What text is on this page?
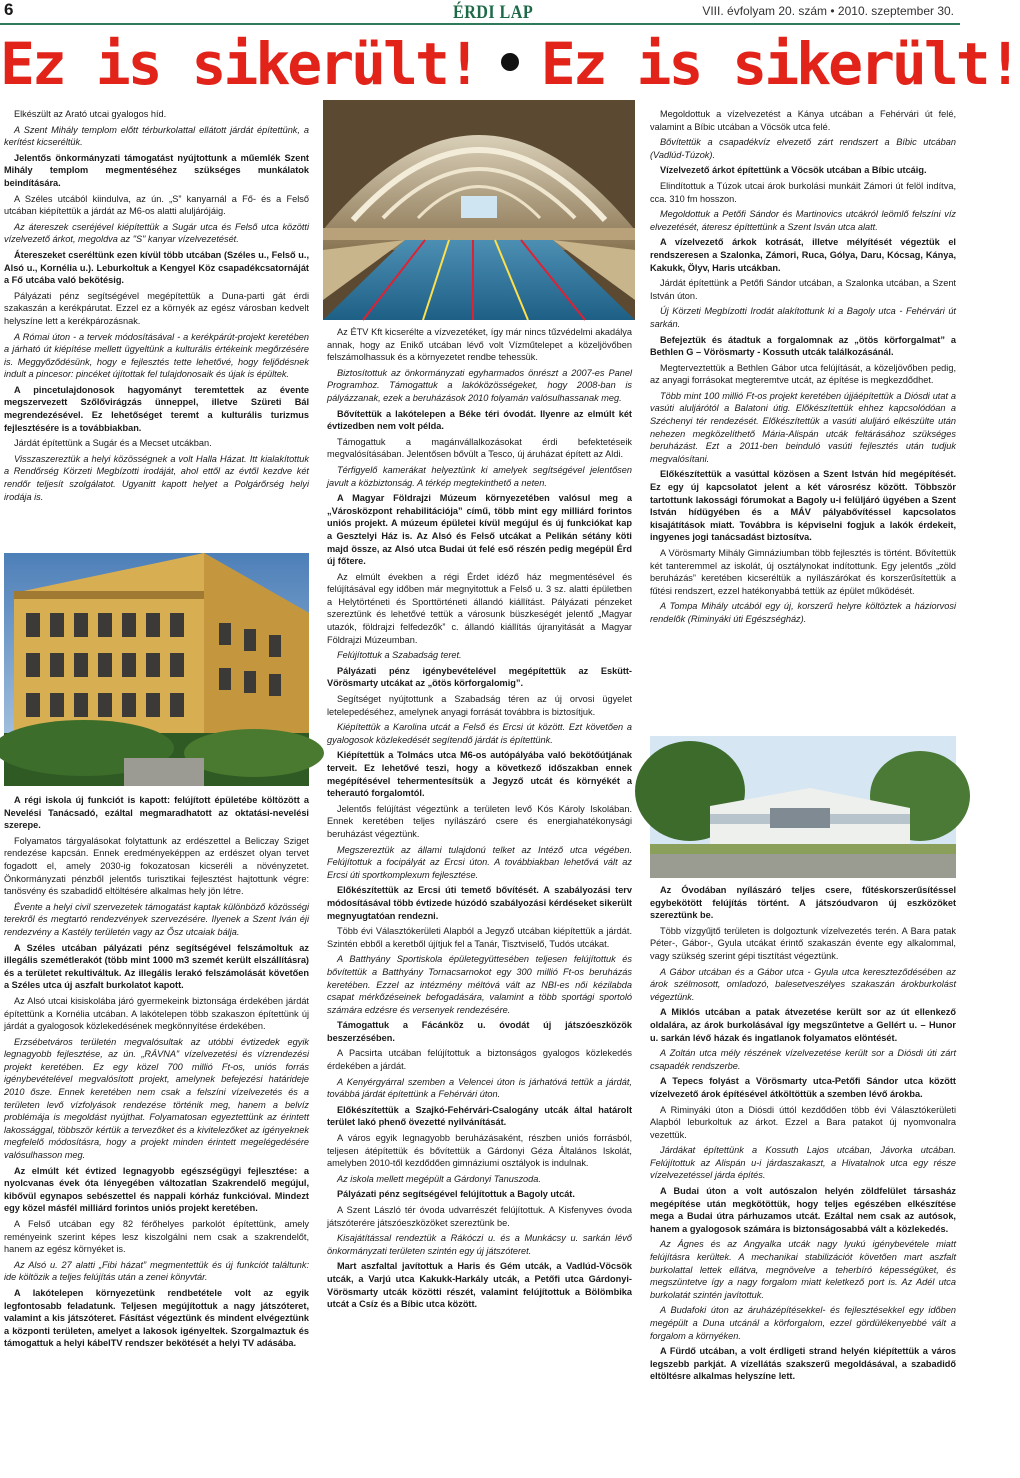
6	ÉRDI LAP	VIII. évfolyam 20. szám • 2010. szeptember 30.
Ez is sikerült! Ez is sikerült!

Elkészült az Arató utcai gyalogos híd.

A Szent Mihály templom előtt térburkolattal ellátott járdát építettünk, a kerítést kicseréltük.

Jelentős önkormányzati támogatást nyújtottunk a műemlék Szent Mihály templom megmentéséhez szükséges munkálatok beindítására.

A Széles utcából kiindulva, az ún. „S” kanyarnál a Fő- és a Felső utcában kiépítettük a járdát az M6-os alatti aluljárójáig.

Az átereszek cseréjével kiépítettük a Sugár utca és Felső utca közötti vízelvezető árkot, megoldva az "S" kanyar vízelvezetését.

Átereszeket cseréltünk ezen kívül több utcában (Széles u., Felső u., Alsó u., Kornélia u.). Leburkoltuk a Kengyel Köz csapadékcsatornáját a Fő utcába való bekötésig.

Pályázati pénz segítségével megépítettük a Duna-parti gát érdi szakaszán a kerékpárutat. Ezzel ez a környék az egész városban kedvelt helyszíne lett a kerékpározásnak.

A Római úton - a tervek módosításával - a kerékpárút-projekt keretében a járható út kiépítése mellett ügyeltünk a kulturális értékeink megőrzésére is. Meggyőződésünk, hogy e fejlesztés tette lehetővé, hogy feljődésnek indult a pincesor: pincéket újítottak fel tulajdonosaik és újak is épültek.

A pincetulajdonosok hagyományt teremtettek az évente megszervezett Szőlővirágzás ünneppel, illetve Szüreti Bál megrendezésével. Ez lehetőséget teremt a kulturális turizmus fejlesztésére is a továbbiakban.

Járdát építettünk a Sugár és a Mecset utcákban.

Visszaszereztük a helyi közösségnek a volt Halla Házat. Itt kialakítottuk a Rendőrség Körzeti Megbízotti irodáját, ahol ettől az évtől kezdve két rendőr teljesít szolgálatot. Ugyanitt kapott helyet a Polgárőrség helyi irodája is.

A régi iskola új funkciót is kapott: felújított épületébe költözött a Nevelési Tanácsadó, ezáltal megmaradhatott az oktatási-nevelési szerepe.

Folyamatos tárgyalásokat folytattunk az erdészettel a Beliczay Sziget rendezése kapcsán. Ennek eredményeképpen az erdészet olyan tervet fogadott el, amely 2030-ig fokozatosan kicseréli a növényzetet. Önkormányzati pénzből jelentős turisztikai fejlesztést hajtottunk végre: tanösvény és szabadidő eltöltésére alkalmas hely jön létre.

Évente a helyi civil szervezetek támogatást kaptak különböző közösségi terekről és megtartó rendezvények szervezésére. Ilyenek a Szent Iván éji rendezvény a Kastély területén vagy az Ősz utcaiak bálja.

A Széles utcában pályázati pénz segítségével felszámoltuk az illegális szemétlerakót (több mint 1000 m3 szemét került elszállításra) és a területet rekultiváltuk. Az illegális lerakó felszámolását követően a Széles utca új aszfalt burkolatot kapott.

Az Alsó utcai kisiskolába járó gyermekeink biztonsága érdekében járdát építettünk a Kornélia utcában. A lakótelepen több szakaszon építettünk új járdát a gyalogosok közlekedésének megkönnyítése érdekében.

Erzsébetváros területén megvalósultak az utóbbi évtizedek egyik legnagyobb fejlesztése, az ún. „RÁVNA” vízelvezetési és vízrendezési projekt keretében. Ez egy közel 700 millió Ft-os, uniós forrás igénybevételével megvalósított projekt, amelynek befejezési határideje 2010 ősze. Ennek keretében nem csak a felszíni vízelvezetés és a területen levő vízfolyások rendezése történik meg, hanem a belvíz problémája is megoldást nyújthat. Folyamatosan egyeztettünk az érintett lakossággal, többször kértük a tervezőket és a kivitelezőket az igényeknek megfelelő módosításra, hogy a projekt minden érintett megelégedésére valósulhasson meg.

Az elmúlt két évtized legnagyobb egészségügyi fejlesztése: a nyolcvanas évek óta lényegében változatlan Szakrendelő megújul, kibővül egynapos sebészettel és nappali kórház funkcióval. Mindezt egy közel másfél milliárd forintos uniós projekt keretében.

A Felső utcában egy 82 férőhelyes parkolót építettünk, amely reményeink szerint képes lesz kiszolgálni nem csak a szakrendelőt, hanem az egész környéket is.

Az Alsó u. 27 alatti „Fibi házat” megmentettük és új funkciót találtunk: ide költözik a teljes felújítás után a zenei könyvtár.

A lakótelepen környezetünk rendbetétele volt az egyik legfontosabb feladatunk. Teljesen megújítottuk a nagy játszóteret, valamint a kis játszóteret. Fásítást végeztünk és mindent elvégeztünk a központi területen, amelyet a lakosok igényeltek. Szorgalmaztuk és támogattuk a helyi kábelTV rendszer bekötését a helyi TV adásába.

Az ÉTV Kft kicserélte a vízvezetéket, így már nincs tűzvédelmi akadálya annak, hogy az Enikő utcában lévő volt Vízműtelepet a közeljövőben felszámolhassuk és a környezetet rendbe tehessük.

Biztosítottuk az önkormányzati egyharmados önrészt a 2007-es Panel Programhoz. Támogattuk a lakóközösségeket, hogy 2008-ban is pályázzanak, ezek a beruházások 2010 folyamán valósulhassanak meg.

Bővítettük a lakótelepen a Béke téri óvodát. Ilyenre az elmúlt két évtizedben nem volt példa.

Támogattuk a magánvállalkozásokat érdi befektetéseik megvalósításában. Jelentősen bővült a Tesco, új áruházat épített az Aldi.

Térfigyelő kamerákat helyeztünk ki amelyek segítségével jelentősen javult a közbiztonság. A térkép megtekinthető a neten.

A Magyar Földrajzi Múzeum környezetében valósul meg a „Városközpont rehabilitációja” című, több mint egy milliárd forintos uniós projekt. A múzeum épületei kívül megújul és új funkciókat kap a Gesztelyi Ház is. Az Alsó és Felső utcákat a Pelikán sétány köti majd össze, az Alsó utca Budai út felé eső részén pedig megépül Érd új főtere.

Az elmúlt években a régi Érdet idéző ház megmentésével és felújításával egy időben már megnyitottuk a Felső u. 3 sz. alatti épületben a Helytörténeti és Sporttörténeti állandó kiállítást. Pályázati pénzeket szereztünk és lehetővé tettük a városunk büszkeségét jelentő „Magyar utazók, földrajzi felfedezők” c. állandó kiállítás újranyitását a Magyar Földrajzi Múzeumban.

Felújítottuk a Szabadság teret.

Pályázati pénz igénybevételével megépítettük az Eskütt-Vörösmarty utcákat az „ötös körforgalomig”.

Segítséget nyújtottunk a Szabadság téren az új orvosi ügyelet letelepedéséhez, amelynek anyagi forrását továbbra is biztosítjuk.

Kiépítettük a Karolina utcát a Felső és Ercsi út között. Ezt követően a gyalogosok közlekedését segítendő járdát is építettünk.

Kiépítettük a Tolmács utca M6-os autópályába való bekötőútjának terveit. Ez lehetővé teszi, hogy a következő időszakban ennek megépítésével tehermentesítsük a Jegyző utcát és környékét a teherautó forgalomtól.

Jelentős felújítást végeztünk a területen levő Kós Károly Iskolában. Ennek keretében teljes nyílászáró csere és energiahatékonysági beruházást végeztünk.

Megszereztük az állami tulajdonú telket az Intéző utca végében. Felújítottuk a focipályát az Ercsi úton. A továbbiakban lehetővá vált az Ercsi úti sportkomplexum fejlesztése.

Előkészítettük az Ercsi úti temető bővítését. A szabályozási terv módosításával több évtizede húzódó szabályozási kérdéseket sikerült megnyugtatóan rendezni.

Több évi Választókerületi Alapból a Jegyző utcában kiépítettük a járdát. Szintén ebből a keretből újítjuk fel a Tanár, Tisztviselő, Tudós utcákat.

A Batthyány Sportiskola épületegyüttesében teljesen felújítottuk és bővítettük a Batthyány Tornacsarnokot egy 300 millió Ft-os beruházás keretében. Ezzel az intézmény méltóvá vált az NBI-es női kézilabda csapat mérkőzéseinek befogadására, valamint a több sportági sportoló számára edzésre és versenyek rendezésére.

Támogattuk a Fácánköz u. óvodát új játszóeszközök beszerzésében.

A Pacsirta utcában felújítottuk a biztonságos gyalogos közlekedés érdekében a járdát.

A Kenyérgyárral szemben a Velencei úton is járhatóvá tettük a járdát, továbbá járdát építettünk a Fehérvári úton.

Előkészítettük a Szajkó-Fehérvári-Csalogány utcák által határolt terület lakó phenő övezetté nyilvánítását.

A város egyik legnagyobb beruházásaként, részben uniós forrásból, teljesen átépítettük és bővítettük a Gárdonyi Géza Általános Iskolát, amelyben 2010-től kezdődően gimnáziumi osztályok is indulnak.

Az iskola mellett megépült a Gárdonyi Tanuszoda.

Pályázati pénz segítségével felújítottuk a Bagoly utcát.

A Szent László tér óvoda udvarrészét felújítottuk. A Kisfenyves óvoda játszóterére játszóeszközöket szereztünk be.

Kisajátítással rendeztük a Rákóczi u. és a Munkácsy u. sarkán lévő önkormányzati területen szintén egy új játszóteret.

Mart aszfaltal javítottuk a Haris és Gém utcák, a Vadlúd-Vöcsök utcák, a Varjú utca Kakukk-Harkály utcák, a Petőfi utca Gárdonyi-Vörösmarty utcák közötti részét, valamint felújítottuk a Bölömbika utcát a Csíz és a Bíbic utca között.

Megoldottuk a vízelvezetést a Kánya utcában a Fehérvári út felé, valamint a Bíbic utcában a Vöcsök utca felé.

Bővítettük a csapadékvíz elvezető zárt rendszert a Bíbic utcában (Vadlúd-Túzok).

Vízelvezető árkot építettünk a Vöcsök utcában a Bíbic utcáig.

Elindítottuk a Túzok utcai árok burkolási munkáit Zámori út felöl indítva, cca. 310 fm hosszon.

Megoldottuk a Petőfi Sándor és Martinovics utcákról leömlő felszíni víz elvezetését, áteresz építtettünk a Szent Isván utca alatt.

A vízelvezető árkok kotrását, illetve mélyítését végeztük el rendszeresen a Szalonka, Zámori, Ruca, Gólya, Daru, Kócsag, Kánya, Kakukk, Ölyv, Haris utcákban.

Járdát építettünk a Petőfi Sándor utcában, a Szalonka utcában, a Szent István úton.

Új Körzeti Megbízotti Irodát alakítottunk ki a Bagoly utca - Fehérvári út sarkán.

Befejeztük és átadtuk a forgalomnak az „ötös körforgalmat” a Bethlen G – Vörösmarty - Kossuth utcák találkozásánál.

Megterveztettük a Bethlen Gábor utca felújítását, a közeljövőben pedig, az anyagi forrásokat megteremtve utcát, az építése is megkezdődhet.

Több mint 100 millió Ft-os projekt keretében újjáépítettük a Diósdi utat a vasúti aluljárótól a Balatoni útig. Előkészítettük ehhez kapcsolódóan a Széchenyi tér rendezését. Előkészítettük a vasúti aluljáró elkészülte után nehezen megközelíthető Mária-Alispán utcák feltárásához szükséges beruházást. Ezt a 2011-ben beinduló vasúti fejlesztés után tudjuk megvalósítani.

Előkészítettük a vasúttal közösen a Szent István híd megépítését. Ez egy új kapcsolatot jelent a két városrész között. Többször tartottunk lakossági fórumokat a Bagoly u-i felüljáró ügyében a Szent István hídügyében és a MÁV pályabővítéssel kapcsolatos kisajátítások miatt. Továbbra is képviselni fogjuk a lakók érdekeit, ingyenes jogi tanácsadást biztosítva.

A Vörösmarty Mihály Gimnáziumban több fejlesztés is történt. Bővítettük két tanteremmel az iskolát, új osztálynokat indítottunk. Egy jelentős „zöld beruházás” keretében kicseréltük a nyílászárókat és korszerűsítettük a fűtési rendszert, ezzel hatékonyabbá tettük az épület működését.

A Tompa Mihály utcából egy új, korszerű helyre költöztek a háziorvosi rendelők (Riminyáki úti Egészségház).

Az Óvodában nyílászáró teljes csere, fűtéskorszerűsítéssel egybekötött felújítás történt. A játszóudvaron új eszközöket szereztünk be.

Több vízgyűjtő területen is dolgoztunk vízelvezetés terén. A Bara patak Péter-, Gábor-, Gyula utcákat érintő szakaszán évente egy alkalommal, vagy szükség szerint gépi tisztítást végeztünk.

A Gábor utcában és a Gábor utca - Gyula utca kereszteződésében az árok szélmosott, omladozó, balesetveszélyes szakaszán árokburkolást végeztünk.

A Miklós utcában a patak átvezetése került sor az út ellenkező oldalára, az árok burkolásával így megszűntetve a Gellért u. – Hunor u. sarkán lévő házak és ingatlanok folyamatos elöntését.

A Zoltán utca mély részének vízelvezetése került sor a Diósdi úti zárt csapadék rendszerbe.

A Tepecs folyást a Vörösmarty utca-Petőfi Sándor utca között vízelvezető árok építésével átköltöttük a szemben lévő árokba.

A Riminyáki úton a Diósdi úttól kezdődően több évi Választókerületi Alapból leburkoltuk az árkot. Ezzel a Bara patakot új nyomvonalra vezettük.

Járdákat építettünk a Kossuth Lajos utcában, Jávorka utcában. Felújítottuk az Alispán u-i járdaszakaszt, a Hivatalnok utca egy része vízelvezetéssel járda építés.

A Budai úton a volt autószalon helyén zöldfelület társasház megépítése után megkötöttük, hogy teljes egészében elkészítése mega a Budai útra párhuzamos utcát. Ezáltal nem csak az autósok, hanem a gyalogosok számára is biztonságosabbá vált a közlekedés.

Az Ágnes és az Angyalka utcák nagy lyukú igénybevétele miatt felújításra kerültek. A mechanikai stabilizációt követően mart aszfalt burkolattal lettek ellátva, megnövelve a teherbíró képességüket, és megszüntetve így a nagy forgalom miatt keletkező port is. Az Adél utca burkolatát szintén javítottuk.

A Budafoki úton az áruházépítésekkel- és fejlesztésekkel egy időben megépült a Duna utcánál a körforgalom, ezzel gördülékenyebbé vált a forgalom a környéken.

A Fürdő utcában, a volt érdligeti strand helyén kiépítettük a város legszebb parkját. A vízellátás szakszerű megoldásával, a szabadidő eltöltésre alkalmas helyszíne lett.
